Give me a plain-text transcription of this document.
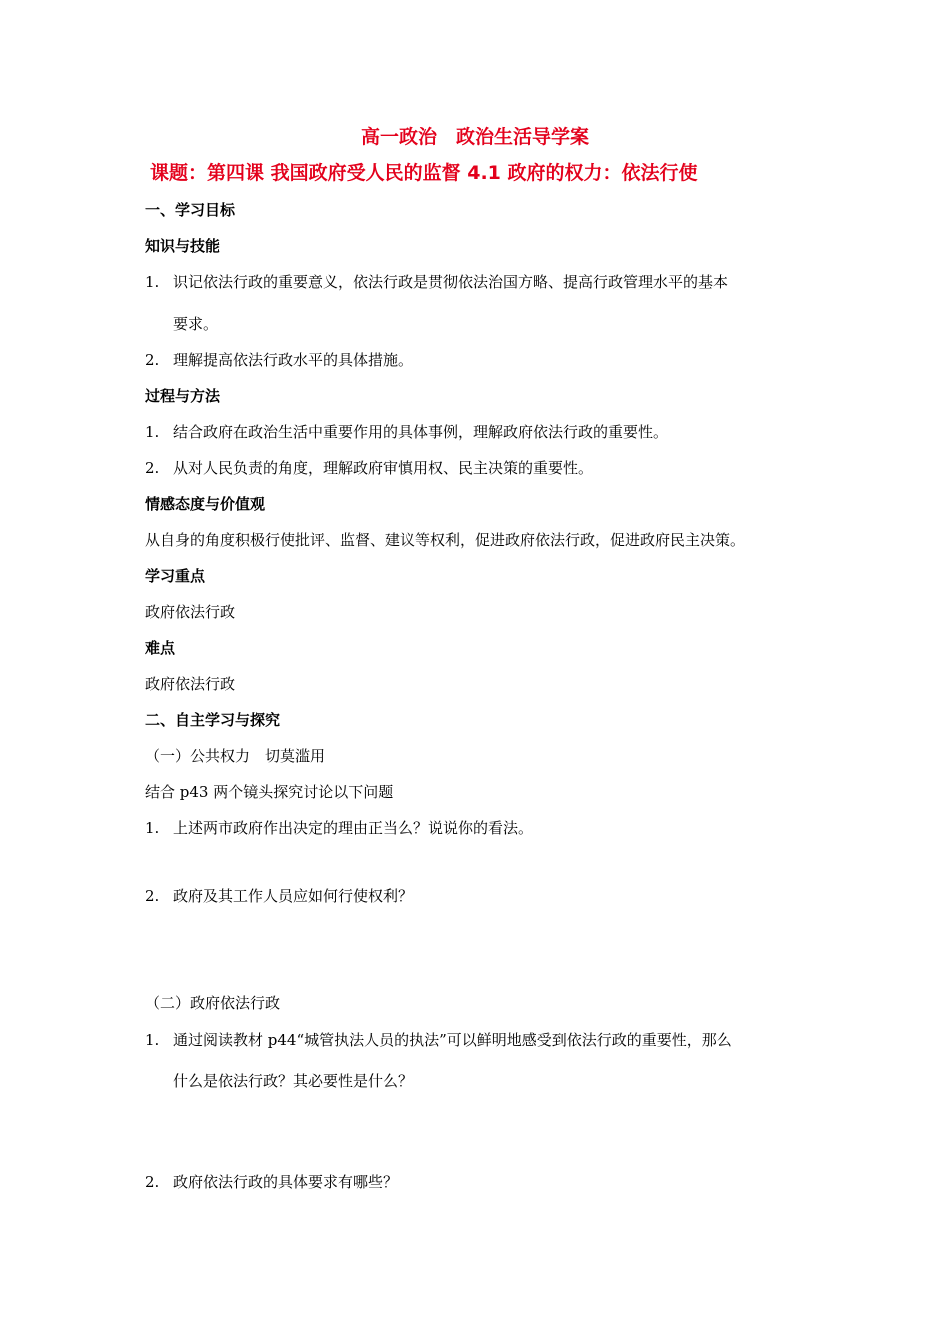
高一政治　政治生活导学案
课题：第四课 我国政府受人民的监督 4.1 政府的权力：依法行使
一、学习目标
知识与技能
1. 识记依法行政的重要意义，依法行政是贯彻依法治国方略、提高行政管理水平的基本
要求。
2. 理解提高依法行政水平的具体措施。
过程与方法
1. 结合政府在政治生活中重要作用的具体事例，理解政府依法行政的重要性。
2. 从对人民负责的角度，理解政府审慎用权、民主决策的重要性。
情感态度与价值观
从自身的角度积极行使批评、监督、建议等权利，促进政府依法行政，促进政府民主决策。
学习重点
政府依法行政
难点
政府依法行政
二、自主学习与探究
（一）公共权力　切莫滥用
结合 p43 两个镜头探究讨论以下问题
1. 上述两市政府作出决定的理由正当么？说说你的看法。
2. 政府及其工作人员应如何行使权利？
（二）政府依法行政
1. 通过阅读教材 p44“城管执法人员的执法”可以鲜明地感受到依法行政的重要性，那么
什么是依法行政？其必要性是什么？
2. 政府依法行政的具体要求有哪些？
